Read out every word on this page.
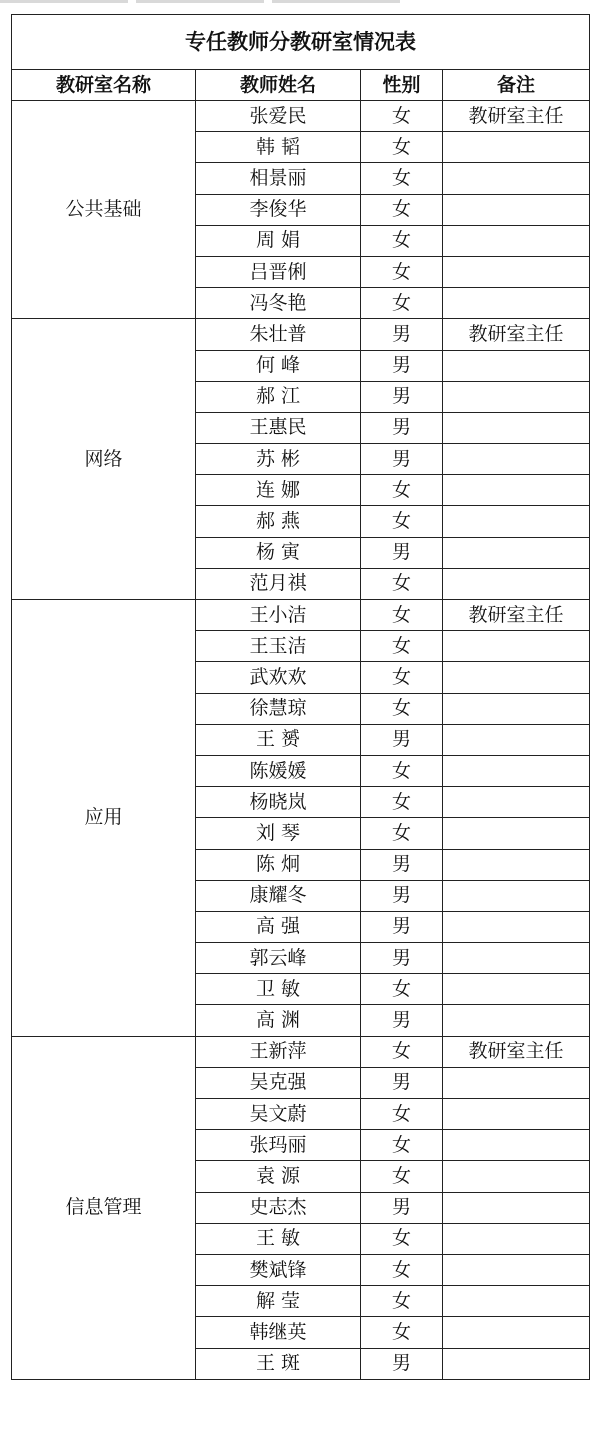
专任教师分教研室情况表			
教研室名称	教师姓名	性别	备注
公共基础	张爱民	女	教研室主任
	韩 韬	女	
	相景丽	女	
	李俊华	女	
	周 娟	女	
	吕晋俐	女	
	冯冬艳	女	
网络	朱壮普	男	教研室主任
	何 峰	男	
	郝 江	男	
	王惠民	男	
	苏 彬	男	
	连 娜	女	
	郝 燕	女	
	杨 寅	男	
	范月祺	女	
应用	王小洁	女	教研室主任
	王玉洁	女	
	武欢欢	女	
	徐慧琼	女	
	王 赟	男	
	陈媛媛	女	
	杨晓岚	女	
	刘 琴	女	
	陈 炯	男	
	康耀冬	男	
	高 强	男	
	郭云峰	男	
	卫 敏	女	
	高 渊	男	
信息管理	王新萍	女	教研室主任
	吴克强	男	
	吴文蔚	女	
	张玛丽	女	
	袁 源	女	
	史志杰	男	
	王 敏	女	
	樊斌锋	女	
	解 莹	女	
	韩继英	女	
	王 斑	男	
